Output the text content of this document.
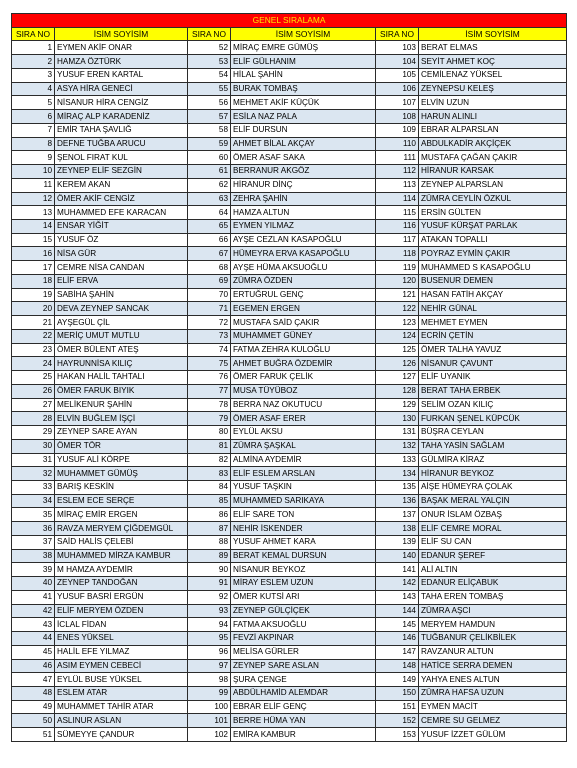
GENEL SIRALAMA					
SIRA NO	İSİM SOYİSİM	SIRA NO	İSİM SOYİSİM	SIRA NO	İSİM SOYİSİM
1	EYMEN AKİF ONAR	52	MİRAÇ EMRE GÜMÜŞ	103	BERAT ELMAS
2	HAMZA ÖZTÜRK	53	ELİF GÜLHANIM	104	SEYİT AHMET KOÇ
3	YUSUF EREN KARTAL	54	HİLAL ŞAHİN	105	CEMİLENAZ YÜKSEL
4	ASYA HİRA GENECİ	55	BURAK TOMBAŞ	106	ZEYNEPSU KELEŞ
5	NİSANUR HİRA CENGİZ	56	MEHMET AKİF KÜÇÜK	107	ELVİN UZUN
6	MİRAÇ ALP KARADENİZ	57	ESİLA NAZ PALA	108	HARUN ALINLI
7	EMİR TAHA ŞAVLIĞ	58	ELİF DURSUN	109	EBRAR ALPARSLAN
8	DEFNE TUĞBA ARUCU	59	AHMET BİLAL AKÇAY	110	ABDULKADİR AKÇİÇEK
9	ŞENOL FIRAT KUL	60	ÖMER ASAF SAKA	111	MUSTAFA ÇAĞAN ÇAKIR
10	ZEYNEP ELİF SEZGİN	61	BERRANUR AKGÖZ	112	HİRANUR KARSAK
11	KEREM AKAN	62	HİRANUR DİNÇ	113	ZEYNEP ALPARSLAN
12	ÖMER AKİF CENGİZ	63	ZEHRA ŞAHİN	114	ZÜMRA CEYLİN ÖZKUL
13	MUHAMMED EFE KARACAN	64	HAMZA ALTUN	115	ERSİN GÜLTEN
14	ENSAR YİĞİT	65	EYMEN YILMAZ	116	YUSUF KÜRŞAT PARLAK
15	YUSUF ÖZ	66	AYŞE CEZLAN KASAPOĞLU	117	ATAKAN TOPALLI
16	NİSA GÜR	67	HÜMEYRA ERVA KASAPOĞLU	118	POYRAZ EYMİN ÇAKIR
17	CEMRE NİSA CANDAN	68	AYŞE HÜMA AKSUOĞLU	119	MUHAMMED S KASAPOĞLU
18	ELİF ERVA	69	ZÜMRA ÖZDEN	120	BUSENUR DEMEN
19	SABİHA ŞAHİN	70	ERTUĞRUL GENÇ	121	HASAN FATİH AKÇAY
20	DEVA ZEYNEP SANCAK	71	EGEMEN ERGEN	122	NEHİR GÜNAL
21	AYŞEGÜL ÇİL	72	MUSTAFA SAİD ÇAKIR	123	MEHMET EYMEN
22	MERİÇ UMUT MUTLU	73	MUHAMMET GÜNEY	124	ECRİN ÇETİN
23	ÖMER BÜLENT ATEŞ	74	FATMA ZEHRA KULOĞLU	125	ÖMER TALHA YAVUZ
24	HAYRUNNİSA KILIÇ	75	AHMET BUĞRA ÖZDEMİR	126	NİSANUR ÇAVUNT
25	HAKAN HALİL TAHTALI	76	ÖMER FARUK ÇELİK	127	ELİF UYANIK
26	ÖMER FARUK BIYIK	77	MUSA TÜYÜBOZ	128	BERAT TAHA ERBEK
27	MELİKENUR ŞAHİN	78	BERRA NAZ OKUTUCU	129	SELİM OZAN KILIÇ
28	ELVİN BUĞLEM İŞÇİ	79	ÖMER ASAF ERER	130	FURKAN ŞENEL KÜPCÜK
29	ZEYNEP SARE AYAN	80	EYLÜL AKSU	131	BÜŞRA CEYLAN
30	ÖMER TÖR	81	ZÜMRA ŞAŞKAL	132	TAHA YASİN SAĞLAM
31	YUSUF ALİ KÖRPE	82	ALMİNA AYDEMİR	133	GÜLMİRA KİRAZ
32	MUHAMMET GÜMÜŞ	83	ELİF ESLEM ARSLAN	134	HİRANUR BEYKOZ
33	BARIŞ KESKİN	84	YUSUF TAŞKIN	135	AİŞE HÜMEYRA ÇOLAK
34	ESLEM ECE SERÇE	85	MUHAMMED SARIKAYA	136	BAŞAK MERAL YALÇIN
35	MİRAÇ EMİR ERGEN	86	ELİF SARE TON	137	ONUR İSLAM ÖZBAŞ
36	RAVZA MERYEM ÇİĞDEMGÜL	87	NEHİR İSKENDER	138	ELİF CEMRE MORAL
37	SAİD HALİS ÇELEBİ	88	YUSUF AHMET KARA	139	ELİF SU CAN
38	MUHAMMED MİRZA KAMBUR	89	BERAT KEMAL DURSUN	140	EDANUR ŞEREF
39	M HAMZA AYDEMİR	90	NİSANUR BEYKOZ	141	ALİ ALTIN
40	ZEYNEP TANDOĞAN	91	MİRAY ESLEM UZUN	142	EDANUR ELİÇABUK
41	YUSUF BASRİ ERGÜN	92	ÖMER KUTSİ ARI	143	TAHA EREN TOMBAŞ
42	ELİF MERYEM ÖZDEN	93	ZEYNEP GÜLÇİÇEK	144	ZÜMRA AŞCI
43	İCLAL FİDAN	94	FATMA AKSUOĞLU	145	MERYEM HAMDUN
44	ENES YÜKSEL	95	FEVZİ AKPINAR	146	TUĞBANUR ÇELİKBİLEK
45	HALİL EFE YILMAZ	96	MELİSA GÜRLER	147	RAVZANUR ALTUN
46	ASIM EYMEN CEBECİ	97	ZEYNEP SARE ASLAN	148	HATİCE SERRA DEMEN
47	EYLÜL BUSE YÜKSEL	98	ŞURA ÇENGE	149	YAHYA ENES ALTUN
48	ESLEM ATAR	99	ABDÜLHAMİD ALEMDAR	150	ZÜMRA HAFSA UZUN
49	MUHAMMET TAHİR ATAR	100	EBRAR ELİF GENÇ	151	EYMEN MACİT
50	ASLINUR ASLAN	101	BERRE HÜMA YAN	152	CEMRE SU GELMEZ
51	SÜMEYYE ÇANDUR	102	EMİRA KAMBUR	153	YUSUF İZZET GÜLÜM
